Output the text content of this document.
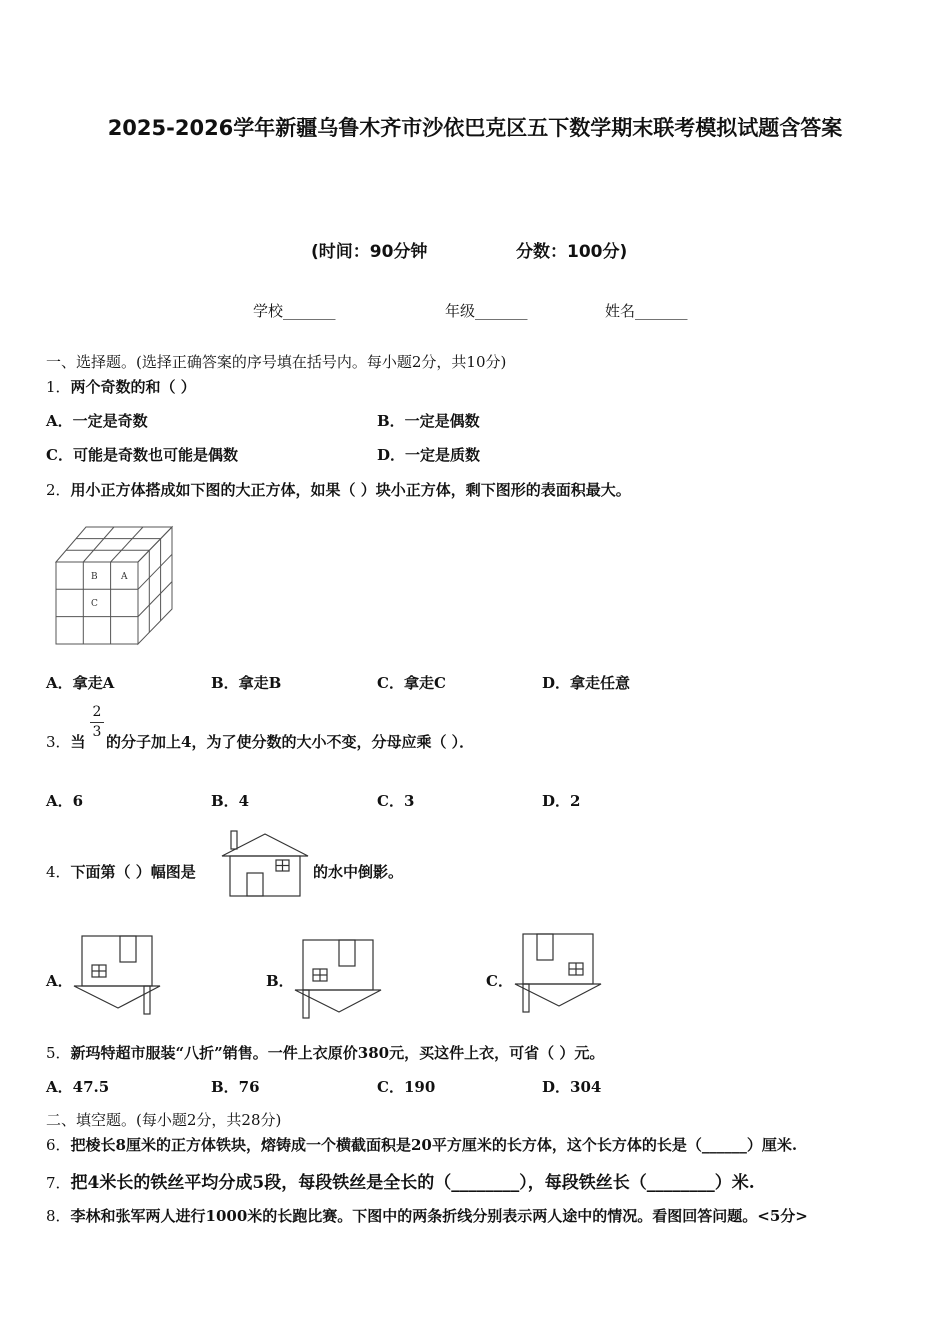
2025-2026学年新疆乌鲁木齐市沙依巴克区五下数学期末联考模拟试题含答案
(时间：90分钟	分数：100分)
学校_______	年级_______	姓名_______
一、选择题。(选择正确答案的序号填在括号内。每小题2分，共10分)
1．两个奇数的和（ ）
A．一定是奇数	B．一定是偶数
C．可能是奇数也可能是偶数	D．一定是质数
2．用小正方体搭成如下图的大正方体，如果（ ）块小正方体，剩下图形的表面积最大。
B	A
C
A．拿走A	B．拿走B	C．拿走C	D．拿走任意
3．当
2
3
的分子加上4，为了使分数的大小不变，分母应乘（ ）．
A．6	B．4	C．3	D．2
4．下面第（ ）幅图是	的水中倒影。
A．	B．	C．
5．新玛特超市服装“八折”销售。一件上衣原价380元，买这件上衣，可省（ ）元。
A．47.5	B．76	C．190	D．304
二、填空题。(每小题2分，共28分)
6．把棱长8厘米的正方体铁块，熔铸成一个横截面积是20平方厘米的长方体，这个长方体的长是（______）厘米.
7．把4米长的铁丝平均分成5段，每段铁丝是全长的（________），每段铁丝长（________）米.
8．李林和张军两人进行1000米的长跑比赛。下图中的两条折线分别表示两人途中的情况。看图回答问题。<5分>
